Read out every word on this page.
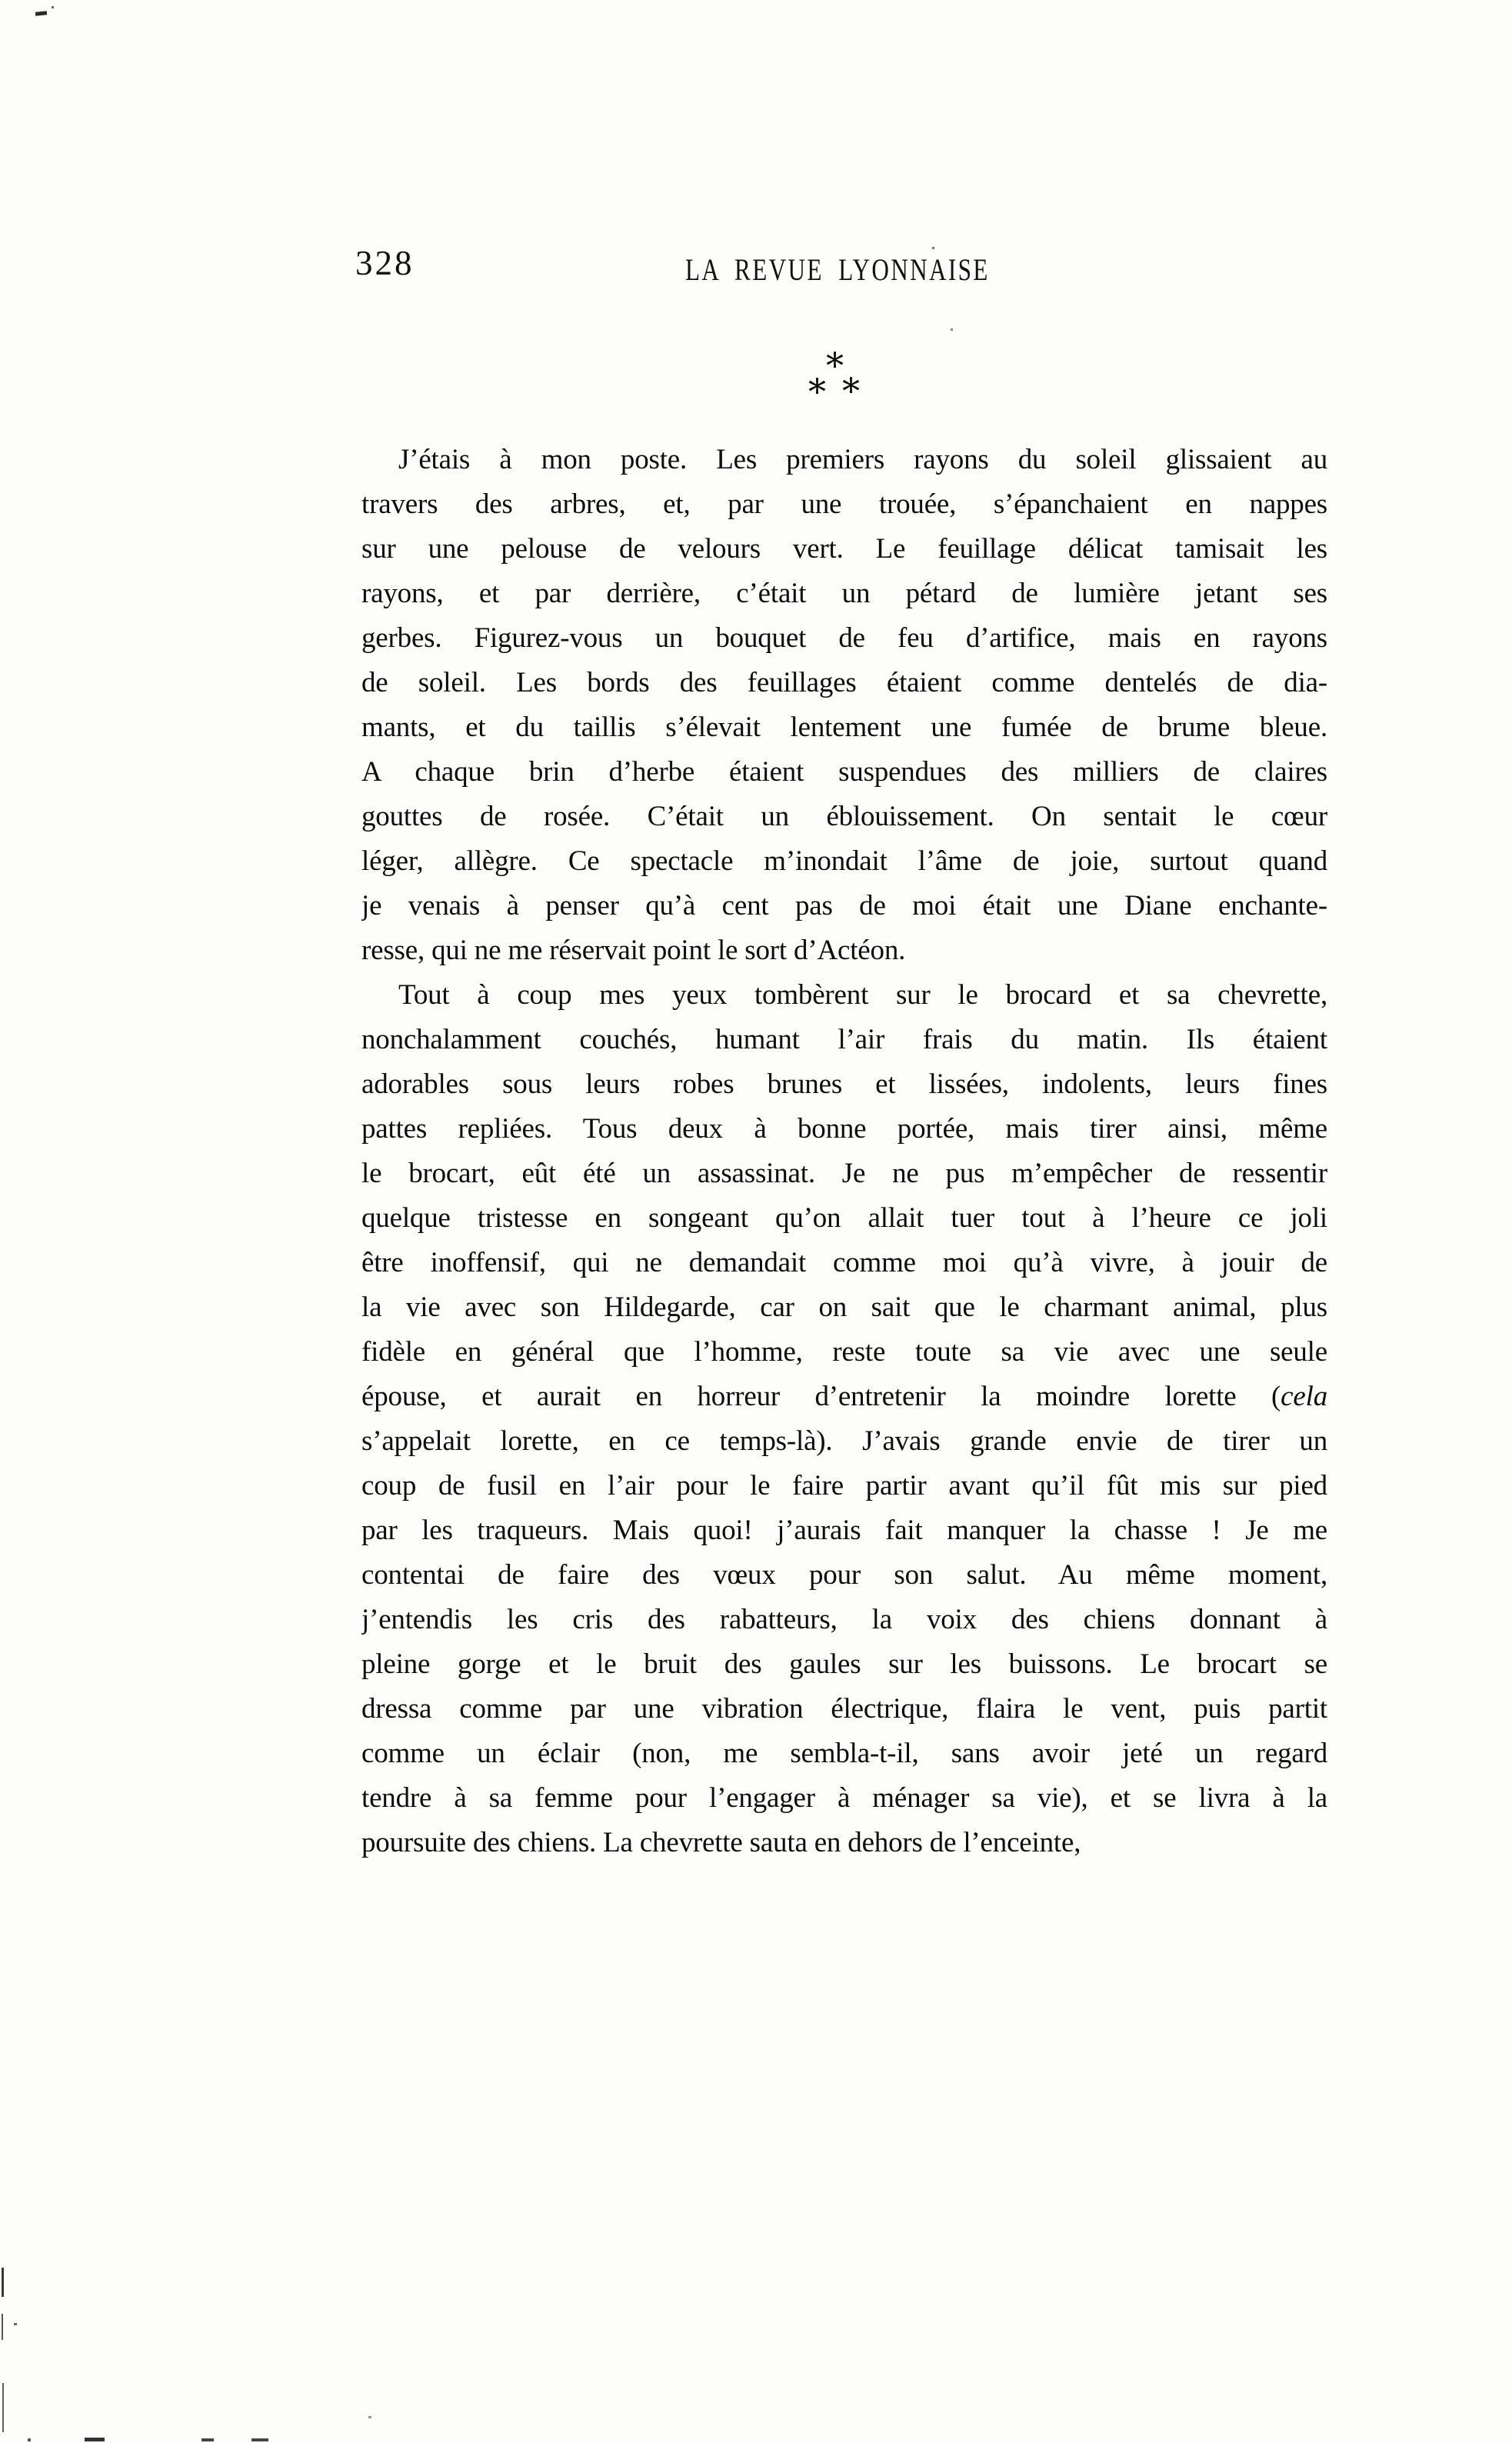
328	LA REVUE LYONNAISE
*
* *
J’étais à mon poste. Les premiers rayons du soleil glissaient au
travers des arbres, et, par une trouée, s’épanchaient en nappes
sur une pelouse de velours vert. Le feuillage délicat tamisait les
rayons, et par derrière, c’était un pétard de lumière jetant ses
gerbes. Figurez-vous un bouquet de feu d’artifice, mais en rayons
de soleil. Les bords des feuillages étaient comme dentelés de dia-
mants, et du taillis s’élevait lentement une fumée de brume bleue.
A chaque brin d’herbe étaient suspendues des milliers de claires
gouttes de rosée. C’était un éblouissement. On sentait le cœur
léger, allègre. Ce spectacle m’inondait l’âme de joie, surtout quand
je venais à penser qu’à cent pas de moi était une Diane enchante-
resse, qui ne me réservait point le sort d’Actéon.
Tout à coup mes yeux tombèrent sur le brocard et sa chevrette,
nonchalamment couchés, humant l’air frais du matin. Ils étaient
adorables sous leurs robes brunes et lissées, indolents, leurs fines
pattes repliées. Tous deux à bonne portée, mais tirer ainsi, même
le brocart, eût été un assassinat. Je ne pus m’empêcher de ressentir
quelque tristesse en songeant qu’on allait tuer tout à l’heure ce joli
être inoffensif, qui ne demandait comme moi qu’à vivre, à jouir de
la vie avec son Hildegarde, car on sait que le charmant animal, plus
fidèle en général que l’homme, reste toute sa vie avec une seule
épouse, et aurait en horreur d’entretenir la moindre lorette (cela
s’appelait lorette, en ce temps-là). J’avais grande envie de tirer un
coup de fusil en l’air pour le faire partir avant qu’il fût mis sur pied
par les traqueurs. Mais quoi! j’aurais fait manquer la chasse ! Je me
contentai de faire des vœux pour son salut. Au même moment,
j’entendis les cris des rabatteurs, la voix des chiens donnant à
pleine gorge et le bruit des gaules sur les buissons. Le brocart se
dressa comme par une vibration électrique, flaira le vent, puis partit
comme un éclair (non, me sembla-t-il, sans avoir jeté un regard
tendre à sa femme pour l’engager à ménager sa vie), et se livra à la
poursuite des chiens. La chevrette sauta en dehors de l’enceinte,
